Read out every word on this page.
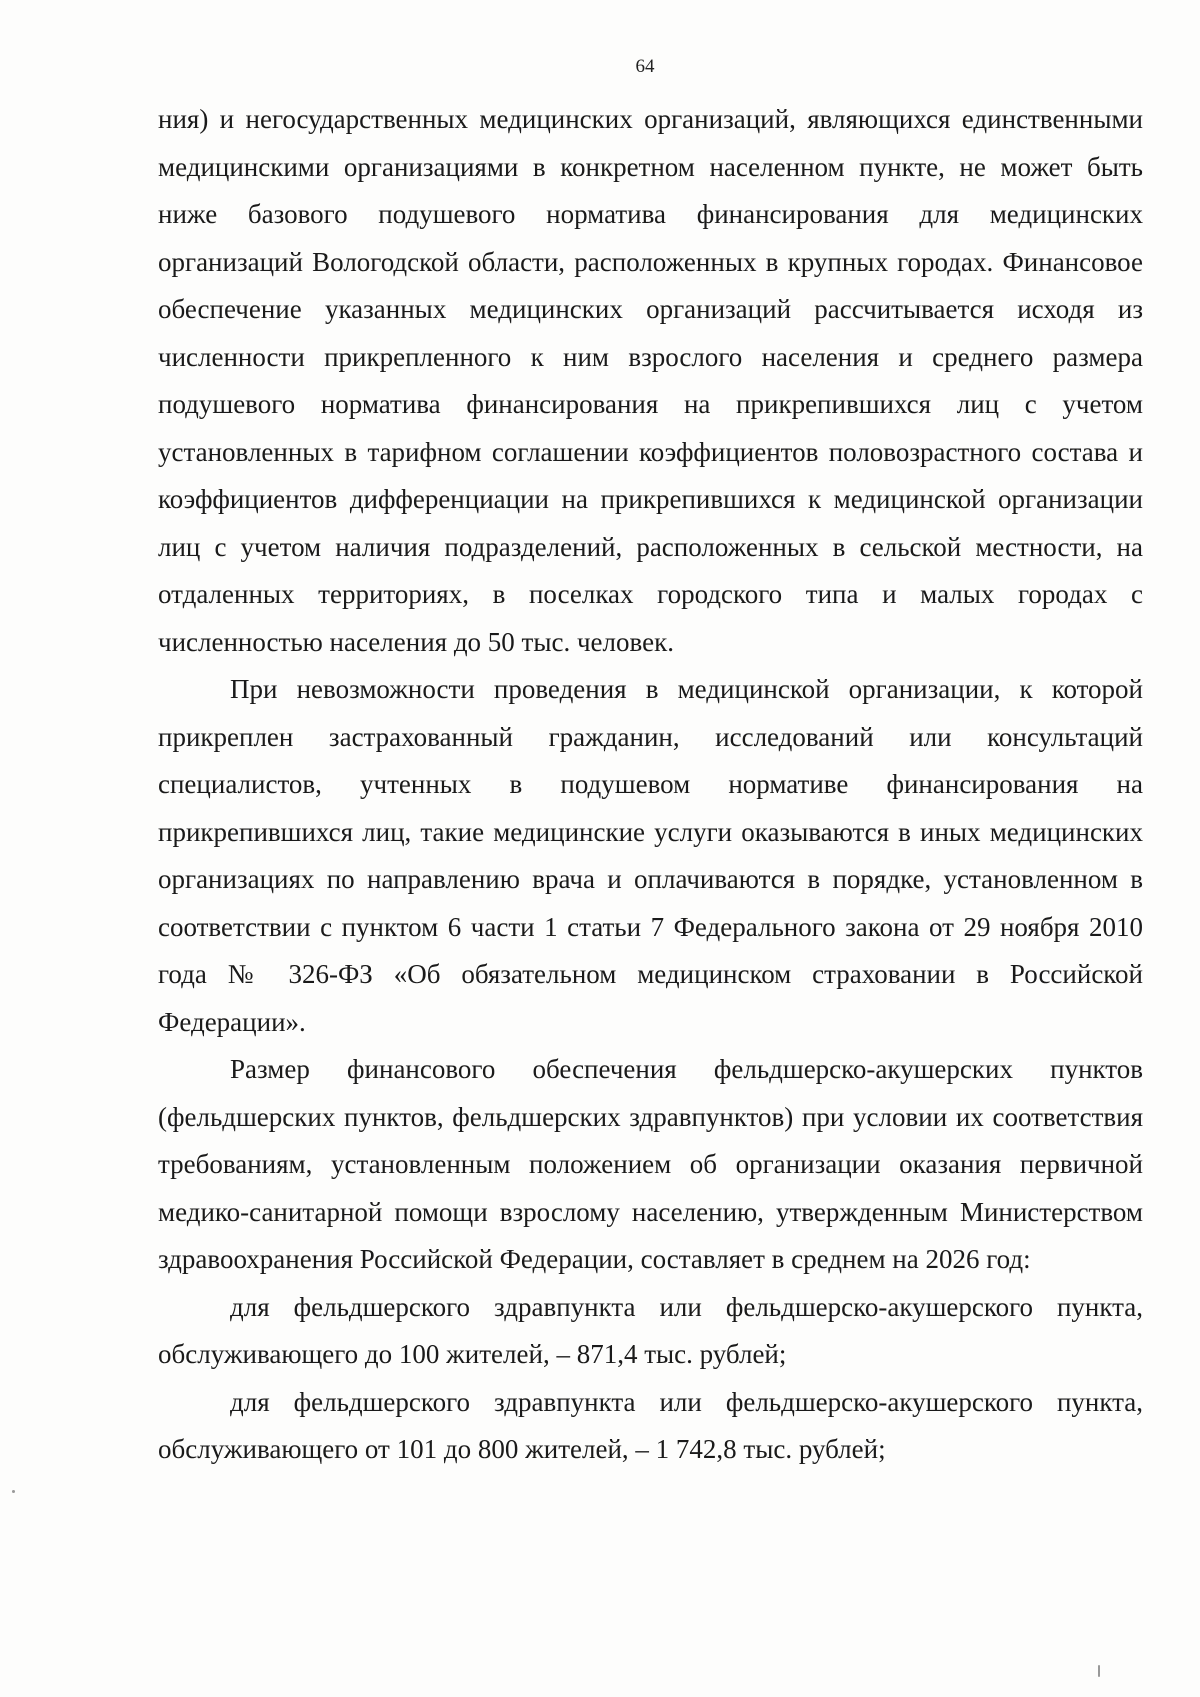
64

ния) и негосударственных медицинских организаций, являющихся единственными медицинскими организациями в конкретном населенном пункте, не может быть ниже базового подушевого норматива финансирования для медицинских организаций Вологодской области, расположенных в крупных городах. Финансовое обеспечение указанных медицинских организаций рассчитывается исходя из численности прикрепленного к ним взрослого населения и среднего размера подушевого норматива финансирования на прикрепившихся лиц с учетом установленных в тарифном соглашении коэффициентов половозрастного состава и коэффициентов дифференциации на прикрепившихся к медицинской организации лиц с учетом наличия подразделений, расположенных в сельской местности, на отдаленных территориях, в поселках городского типа и малых городах с численностью населения до 50 тыс. человек.

При невозможности проведения в медицинской организации, к которой прикреплен застрахованный гражданин, исследований или консультаций специалистов, учтенных в подушевом нормативе финансирования на прикрепившихся лиц, такие медицинские услуги оказываются в иных медицинских организациях по направлению врача и оплачиваются в порядке, установленном в соответствии с пунктом 6 части 1 статьи 7 Федерального закона от 29 ноября 2010 года № 326-ФЗ «Об обязательном медицинском страховании в Российской Федерации».

Размер финансового обеспечения фельдшерско-акушерских пунктов (фельдшерских пунктов, фельдшерских здравпунктов) при условии их соответствия требованиям, установленным положением об организации оказания первичной медико-санитарной помощи взрослому населению, утвержденным Министерством здравоохранения Российской Федерации, составляет в среднем на 2026 год:

для фельдшерского здравпункта или фельдшерско-акушерского пункта, обслуживающего до 100 жителей, – 871,4 тыс. рублей;

для фельдшерского здравпункта или фельдшерско-акушерского пункта, обслуживающего от 101 до 800 жителей, – 1 742,8 тыс. рублей;
